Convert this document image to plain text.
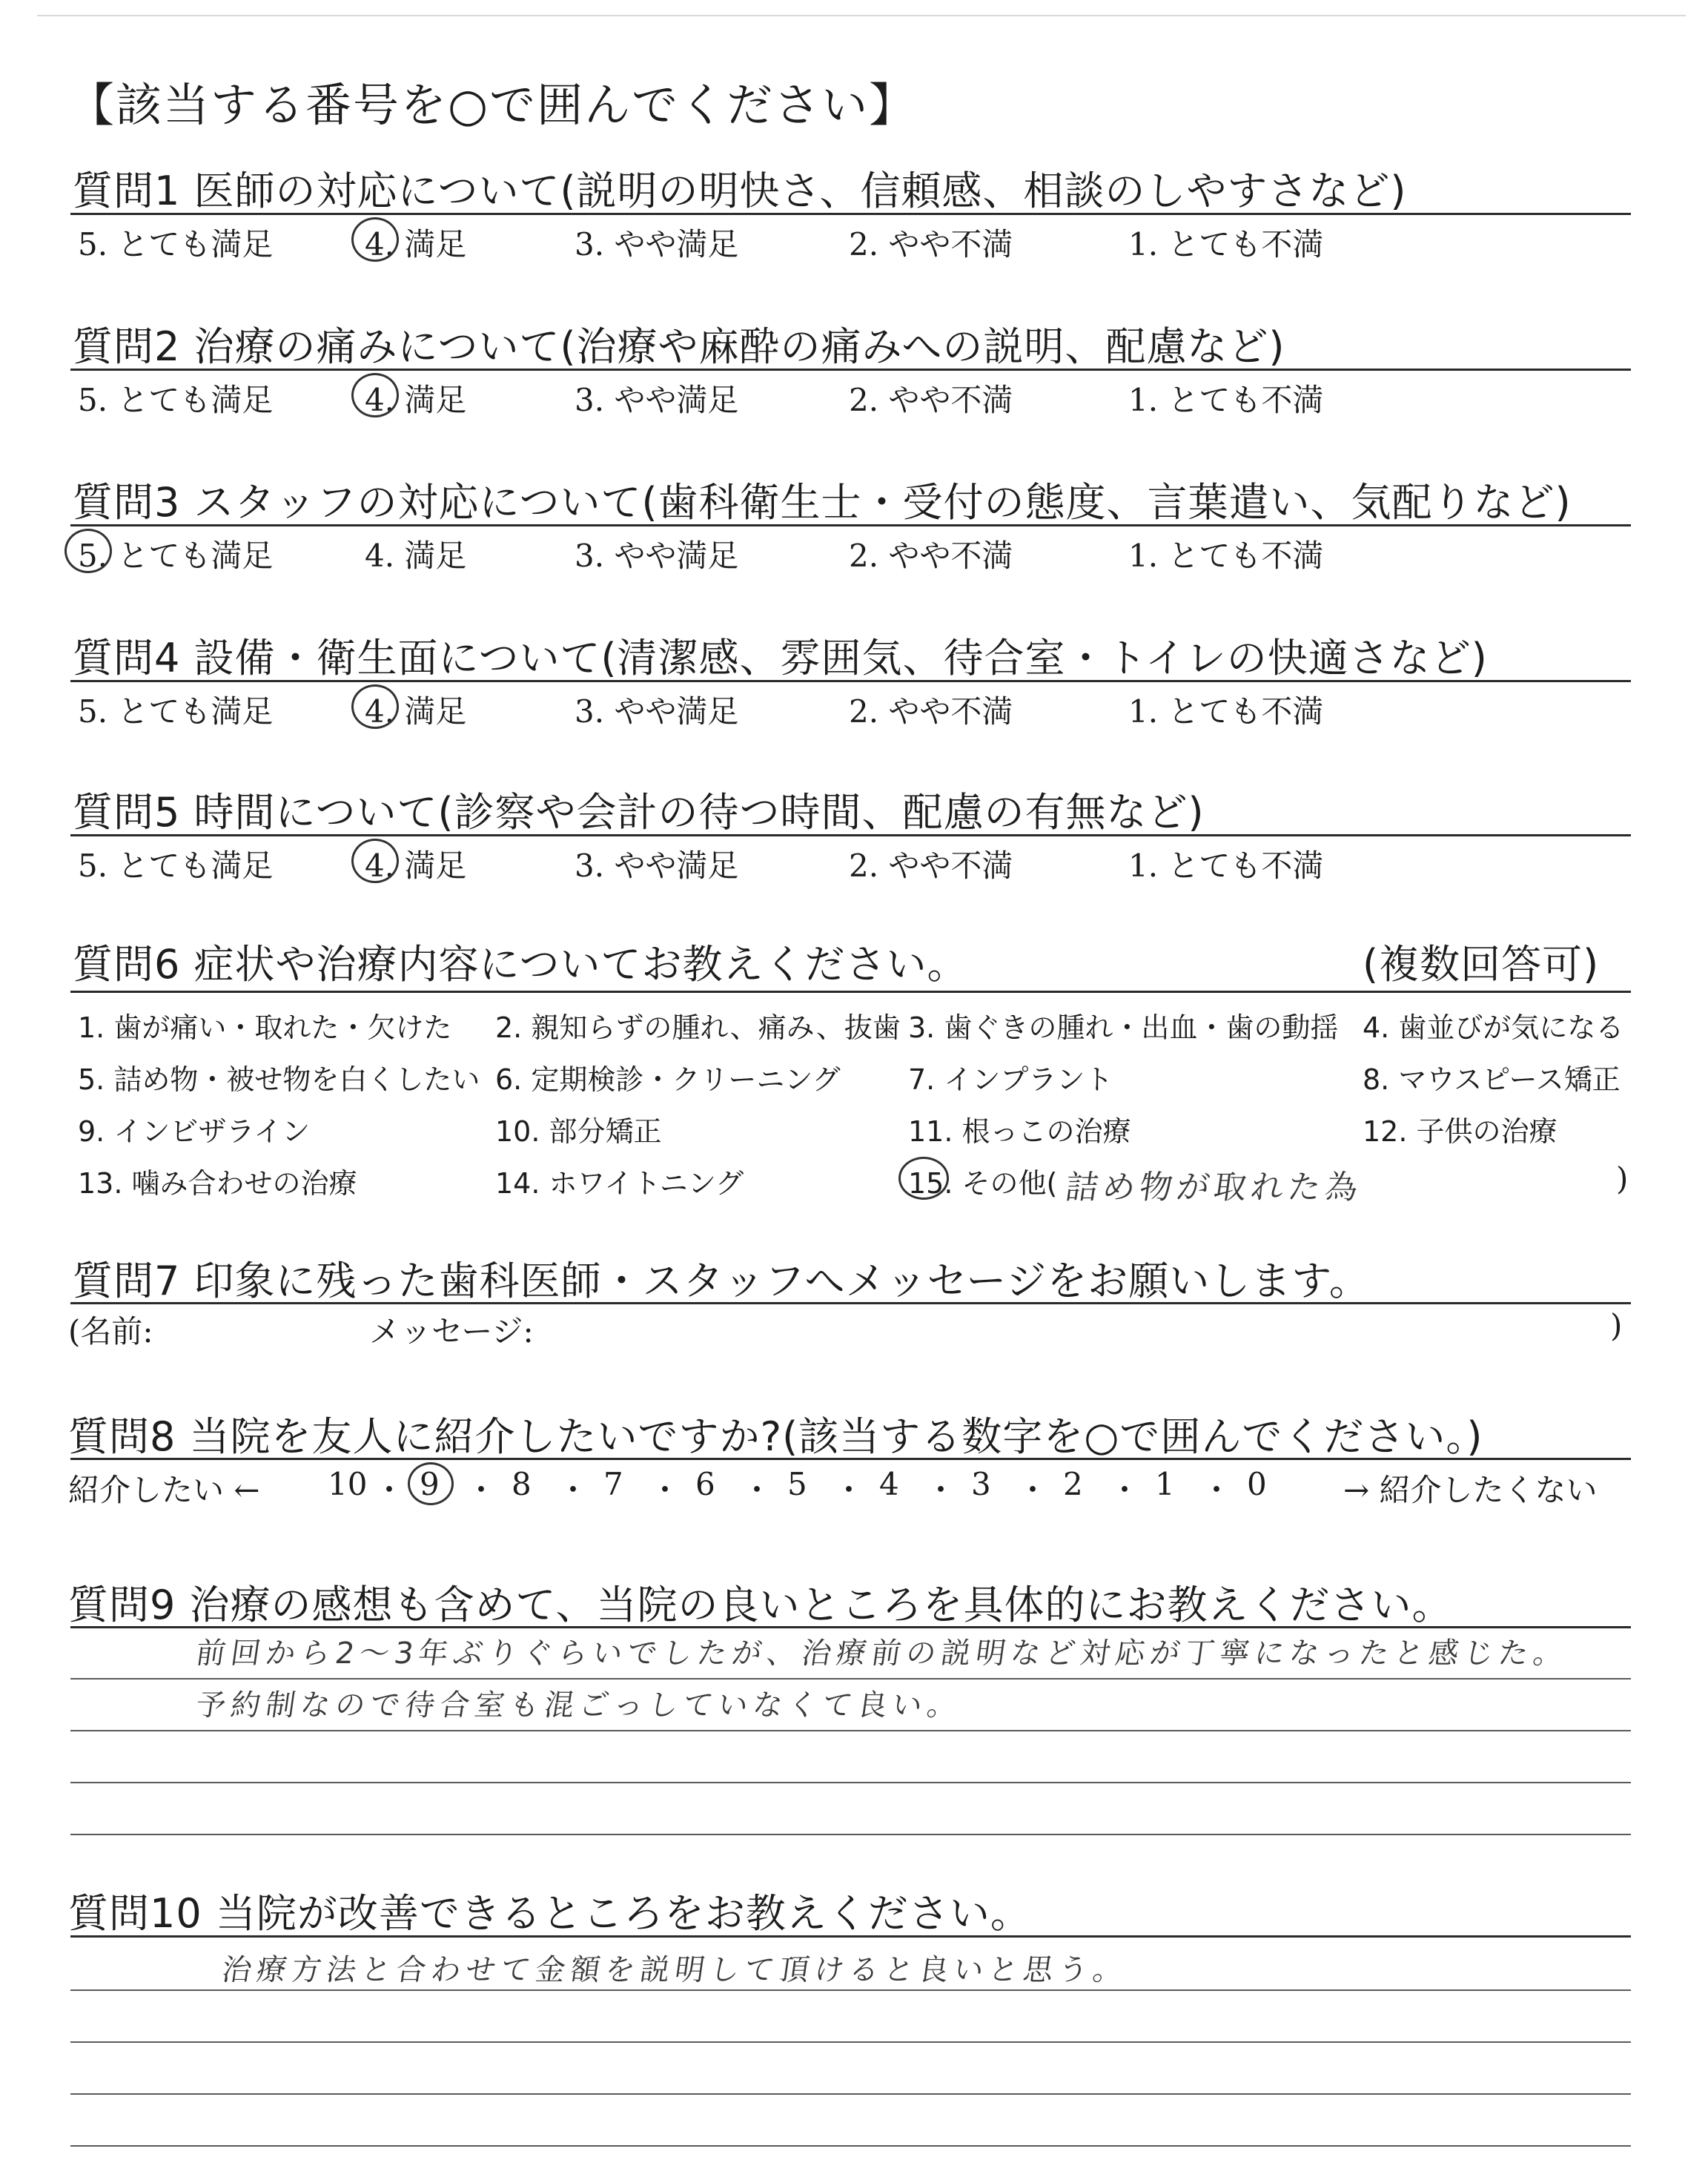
【該当する番号を○で囲んでください】
質問1 医師の対応について(説明の明快さ、信頼感、相談のしやすさなど)
5. とても満足	4. 満足	3. やや満足	2. やや不満	1. とても不満
質問2 治療の痛みについて(治療や麻酔の痛みへの説明、配慮など)
5. とても満足	4. 満足	3. やや満足	2. やや不満	1. とても不満
質問3 スタッフの対応について(歯科衛生士・受付の態度、言葉遣い、気配りなど)
5. とても満足	4. 満足	3. やや満足	2. やや不満	1. とても不満
質問4 設備・衛生面について(清潔感、雰囲気、待合室・トイレの快適さなど)
5. とても満足	4. 満足	3. やや満足	2. やや不満	1. とても不満
質問5 時間について(診察や会計の待つ時間、配慮の有無など)
5. とても満足	4. 満足	3. やや満足	2. やや不満	1. とても不満
質問6 症状や治療内容についてお教えください。	(複数回答可)
1. 歯が痛い・取れた・欠けた 2. 親知らずの腫れ、痛み、抜歯 3. 歯ぐきの腫れ・出血・歯の動揺 4. 歯並びが気になる
5. 詰め物・被せ物を白くしたい 6. 定期検診・クリーニング 7. インプラント	8. マウスピース矯正
9. インビザライン	10. 部分矯正	11. 根っこの治療	12. 子供の治療
13. 噛み合わせの治療	14. ホワイトニング	15. その他(	)
詰め物が取れた為
質問7 印象に残った歯科医師・スタッフへメッセージをお願いします。
(名前:	メッセージ:	)
質問8 当院を友人に紹介したいですか?(該当する数字を○で囲んでください。)
紹介したい ←	→ 紹介したくない
10 ・ 9 ・ 8 ・ 7 ・ 6 ・ 5 ・ 4 ・ 3 ・ 2 ・ 1 ・ 0
質問9 治療の感想も含めて、当院の良いところを具体的にお教えください。
前回から2〜3年ぶりぐらいでしたが、治療前の説明など対応が丁寧になったと感じた。
予約制なので待合室も混ごっしていなくて良い。
質問10 当院が改善できるところをお教えください。
治療方法と合わせて金額を説明して頂けると良いと思う。
